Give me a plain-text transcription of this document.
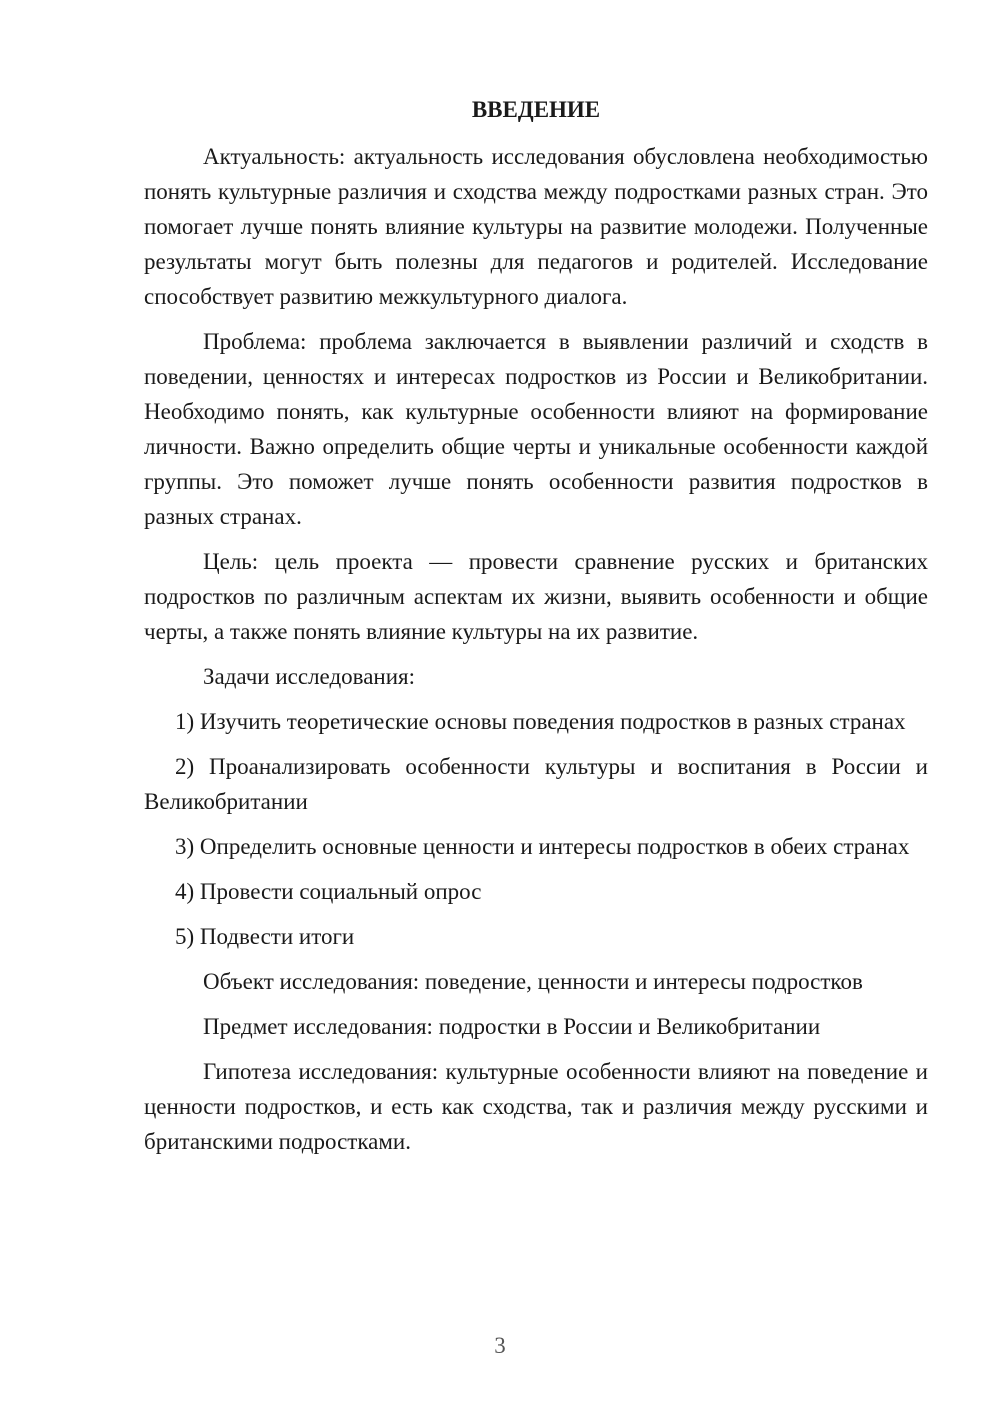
ВВЕДЕНИЕ

Актуальность: актуальность исследования обусловлена необходимостью понять культурные различия и сходства между подростками разных стран. Это помогает лучше понять влияние культуры на развитие молодежи. Полученные результаты могут быть полезны для педагогов и родителей. Исследование способствует развитию межкультурного диалога.

Проблема: проблема заключается в выявлении различий и сходств в поведении, ценностях и интересах подростков из России и Великобритании. Необходимо понять, как культурные особенности влияют на формирование личности. Важно определить общие черты и уникальные особенности каждой группы. Это поможет лучше понять особенности развития подростков в разных странах.

Цель: цель проекта — провести сравнение русских и британских подростков по различным аспектам их жизни, выявить особенности и общие черты, а также понять влияние культуры на их развитие.

Задачи исследования:

1) Изучить теоретические основы поведения подростков в разных странах

2) Проанализировать особенности культуры и воспитания в России и Великобритании

3) Определить основные ценности и интересы подростков в обеих странах

4) Провести социальный опрос

5) Подвести итоги

Объект исследования: поведение, ценности и интересы подростков

Предмет исследования: подростки в России и Великобритании

Гипотеза исследования: культурные особенности влияют на поведение и ценности подростков, и есть как сходства, так и различия между русскими и британскими подростками.

3
